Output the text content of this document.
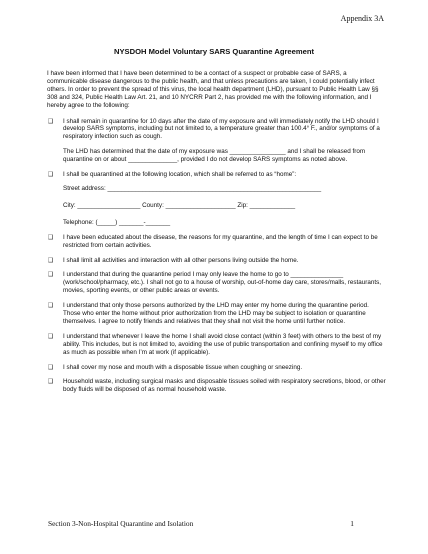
Appendix 3A
NYSDOH Model Voluntary SARS Quarantine Agreement

I have been informed that I have been determined to be a contact of a suspect or probable case of SARS, a communicable disease dangerous to the public health, and that unless precautions are taken, I could potentially infect others. In order to prevent the spread of this virus, the local health department (LHD), pursuant to Public Health Law §§ 308 and 324, Public Health Law Art. 21, and 10 NYCRR Part 2, has provided me with the following information, and I hereby agree to the following:

❑	I shall remain in quarantine for 10 days after the date of my exposure and will immediately notify the LHD should I develop SARS symptoms, including but not limited to, a temperature greater than 100.4° F., and/or symptoms of a respiratory infection such as cough.

The LHD has determined that the date of my exposure was ________________ and I shall be released from quarantine on or about ______________, provided I do not develop SARS symptoms as noted above.

❑	I shall be quarantined at the following location, which shall be referred to as “home”:

Street address: _____________________________________________________________
City: __________________ County: ____________________ Zip: _____________
Telephone: (_____) _______-_______
❑	I have been educated about the disease, the reasons for my quarantine, and the length of time I can expect to be restricted from certain activities.

❑	I shall limit all activities and interaction with all other persons living outside the home.

❑	I understand that during the quarantine period I may only leave the home to go to _______________ (work/school/pharmacy, etc.). I shall not go to a house of worship, out-of-home day care, stores/malls, restaurants, movies, sporting events, or other public areas or events.

❑	I understand that only those persons authorized by the LHD may enter my home during the quarantine period. Those who enter the home without prior authorization from the LHD may be subject to isolation or quarantine themselves. I agree to notify friends and relatives that they shall not visit the home until further notice.

❑	I understand that whenever I leave the home I shall avoid close contact (within 3 feet) with others to the best of my ability. This includes, but is not limited to, avoiding the use of public transportation and confining myself to my office as much as possible when I’m at work (if applicable).

❑	I shall cover my nose and mouth with a disposable tissue when coughing or sneezing.

❑	Household waste, including surgical masks and disposable tissues soiled with respiratory secretions, blood, or other body fluids will be disposed of as normal household waste.

Section 3-Non-Hospital Quarantine and Isolation	1
